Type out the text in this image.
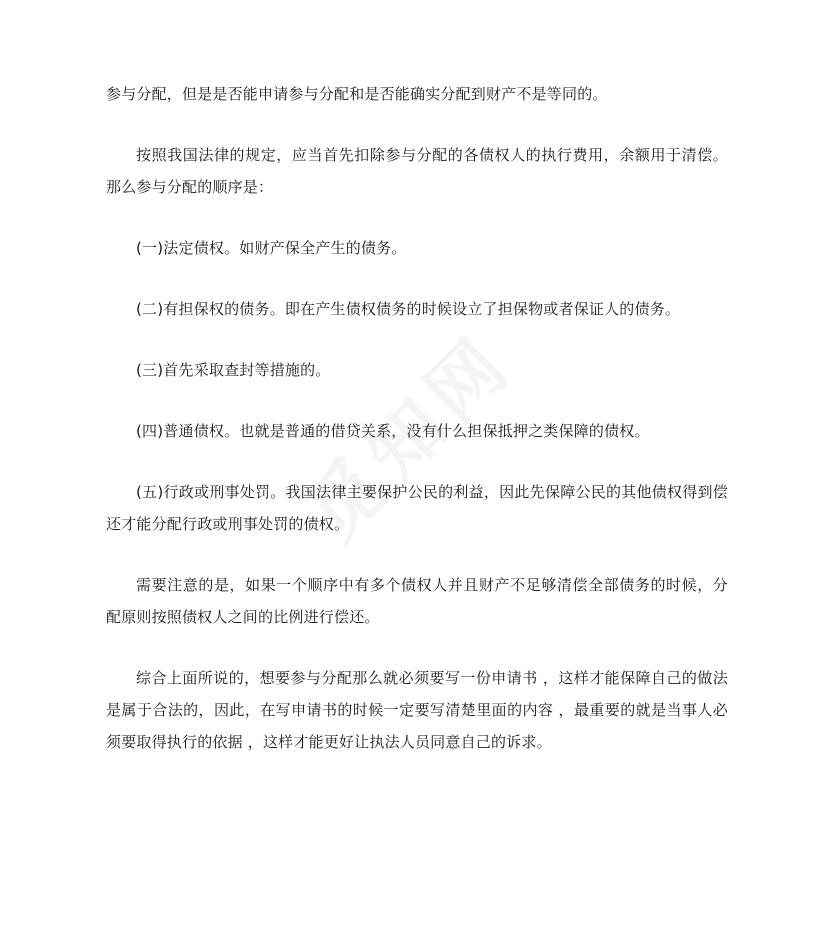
参与分配，但是是否能申请参与分配和是否能确实分配到财产不是等同的。

按照我国法律的规定，应当首先扣除参与分配的各债权人的执行费用，余额用于清偿。那么参与分配的顺序是：

(一)法定债权。如财产保全产生的债务。

(二)有担保权的债务。即在产生债权债务的时候设立了担保物或者保证人的债务。

(三)首先采取查封等措施的。

(四)普通债权。也就是普通的借贷关系，没有什么担保抵押之类保障的债权。

(五)行政或刑事处罚。我国法律主要保护公民的利益，因此先保障公民的其他债权得到偿还才能分配行政或刑事处罚的债权。

需要注意的是，如果一个顺序中有多个债权人并且财产不足够清偿全部债务的时候，分配原则按照债权人之间的比例进行偿还。

综合上面所说的，想要参与分配那么就必须要写一份申请书 ，这样才能保障自己的做法是属于合法的，因此，在写申请书的时候一定要写清楚里面的内容 ，最重要的就是当事人必须要取得执行的依据 ，这样才能更好让执法人员同意自己的诉求。
